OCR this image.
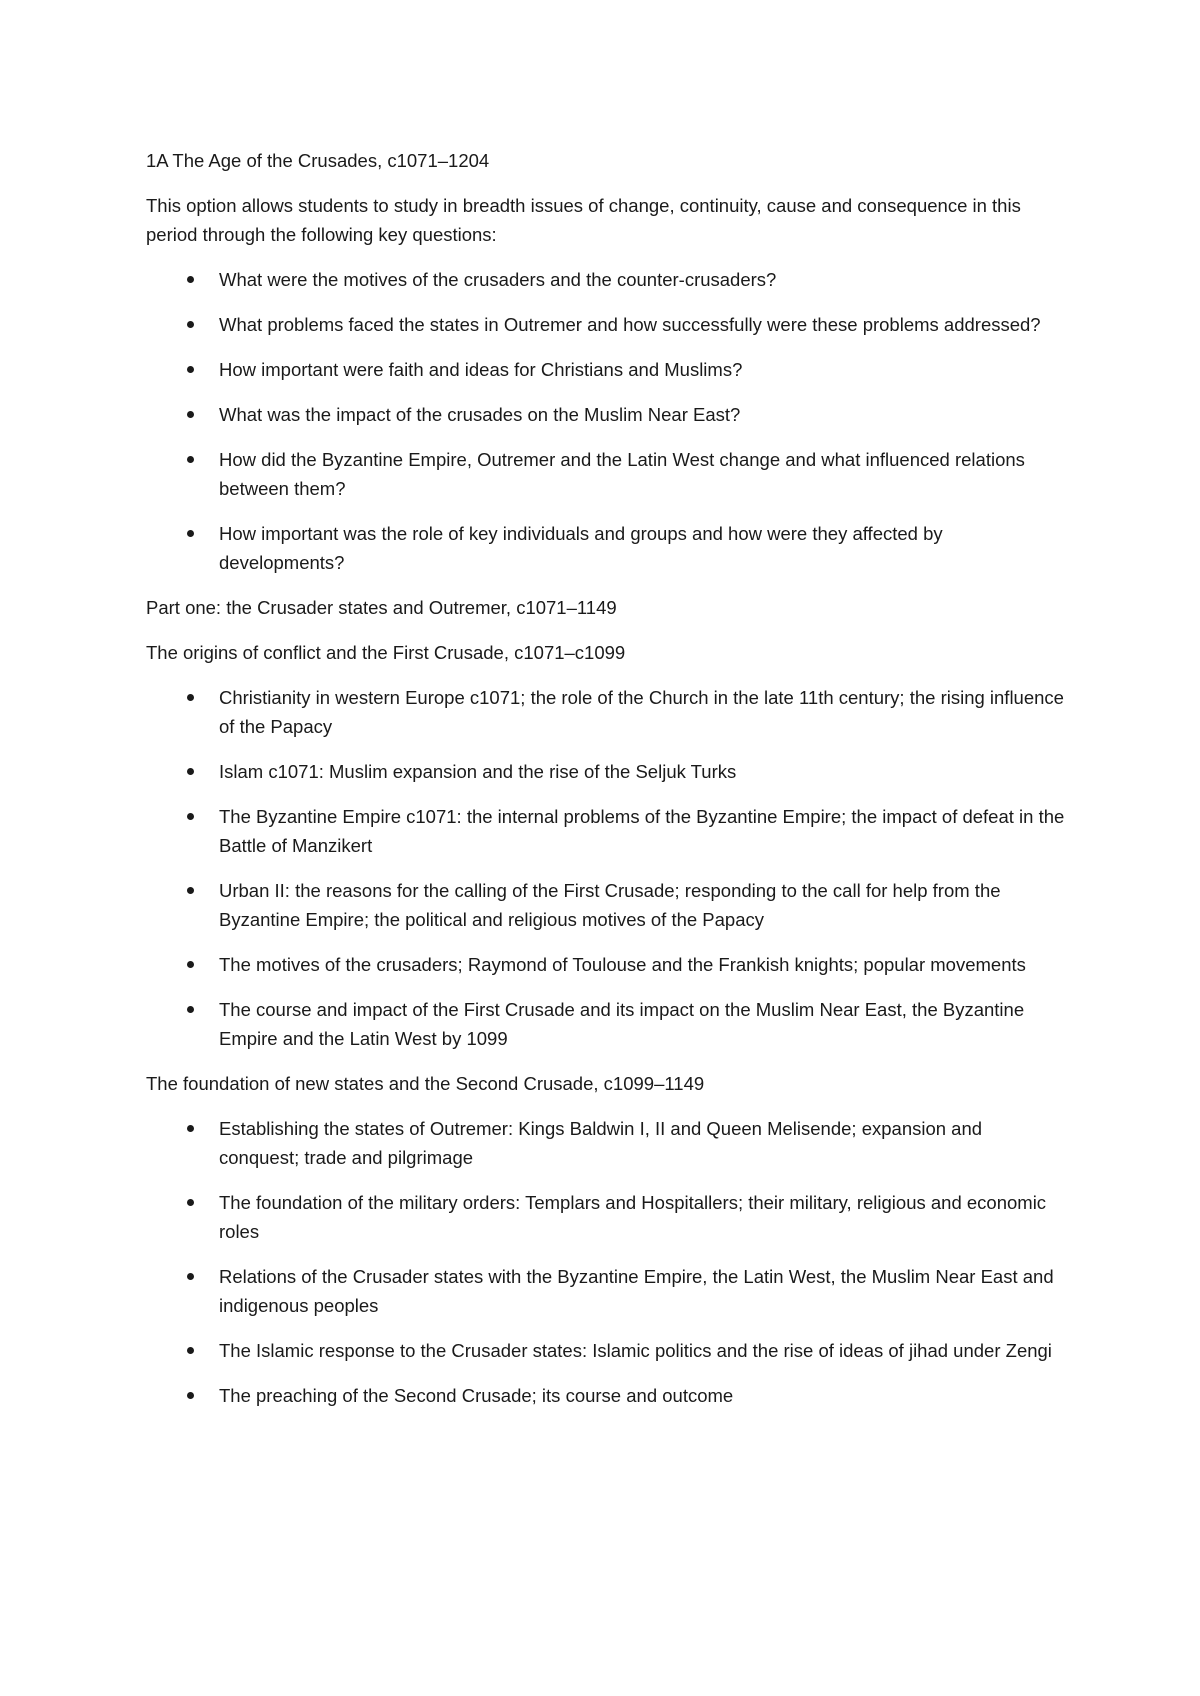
1A The Age of the Crusades, c1071–1204

This option allows students to study in breadth issues of change, continuity, cause and consequence in this period through the following key questions:

What were the motives of the crusaders and the counter-crusaders?
What problems faced the states in Outremer and how successfully were these problems addressed?
How important were faith and ideas for Christians and Muslims?
What was the impact of the crusades on the Muslim Near East?
How did the Byzantine Empire, Outremer and the Latin West change and what influenced relations between them?
How important was the role of key individuals and groups and how were they affected by developments?

Part one: the Crusader states and Outremer, c1071–1149

The origins of conflict and the First Crusade, c1071–c1099

Christianity in western Europe c1071; the role of the Church in the late 11th century; the rising influence of the Papacy
Islam c1071: Muslim expansion and the rise of the Seljuk Turks
The Byzantine Empire c1071: the internal problems of the Byzantine Empire; the impact of defeat in the Battle of Manzikert
Urban II: the reasons for the calling of the First Crusade; responding to the call for help from the Byzantine Empire; the political and religious motives of the Papacy
The motives of the crusaders; Raymond of Toulouse and the Frankish knights; popular movements
The course and impact of the First Crusade and its impact on the Muslim Near East, the Byzantine Empire and the Latin West by 1099

The foundation of new states and the Second Crusade, c1099–1149

Establishing the states of Outremer: Kings Baldwin I, II and Queen Melisende; expansion and conquest; trade and pilgrimage
The foundation of the military orders: Templars and Hospitallers; their military, religious and economic roles
Relations of the Crusader states with the Byzantine Empire, the Latin West, the Muslim Near East and indigenous peoples
The Islamic response to the Crusader states: Islamic politics and the rise of ideas of jihad under Zengi
The preaching of the Second Crusade; its course and outcome
